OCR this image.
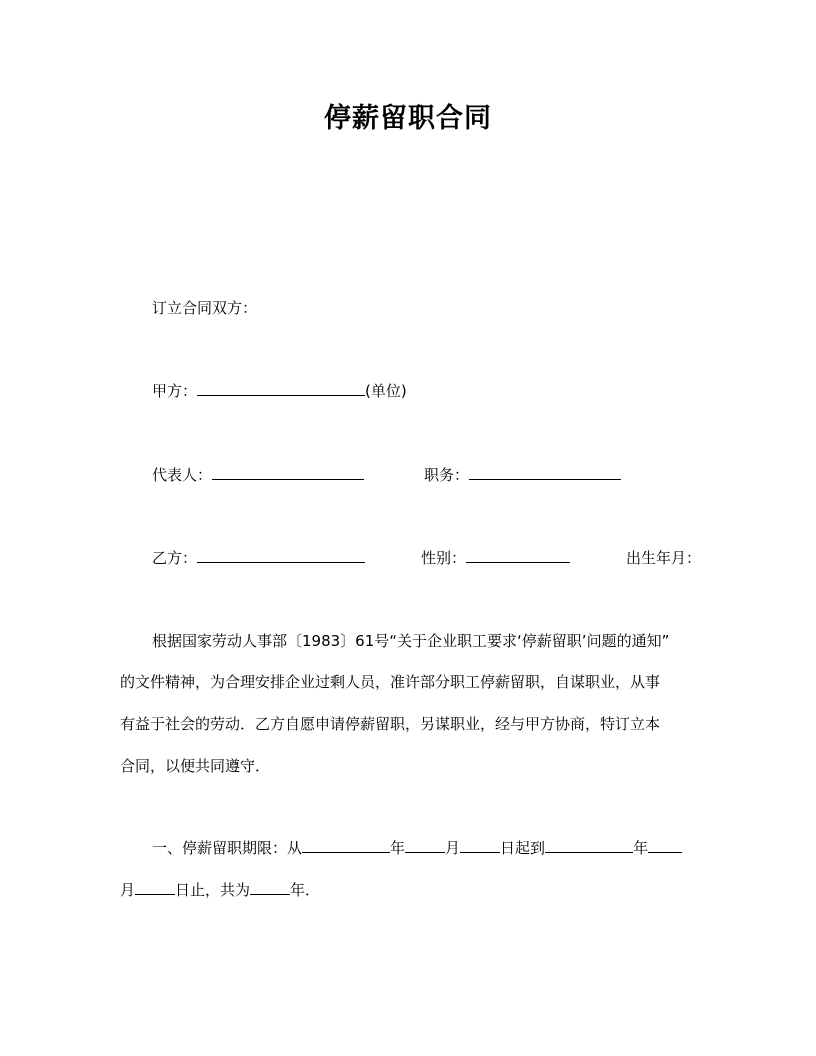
停薪留职合同
订立合同双方：
甲方：	(单位)
代表人：	职务：
乙方：	性别：	出生年月：
根据国家劳动人事部〔1983〕61号“关于企业职工要求‘停薪留职’问题的通知”
的文件精神，为合理安排企业过剩人员，准许部分职工停薪留职，自谋职业，从事
有益于社会的劳动．乙方自愿申请停薪留职，另谋职业，经与甲方协商，特订立本
合同，以便共同遵守．
一、停薪留职期限：从	年	月	日起到	年
月	日止，共为	年．
